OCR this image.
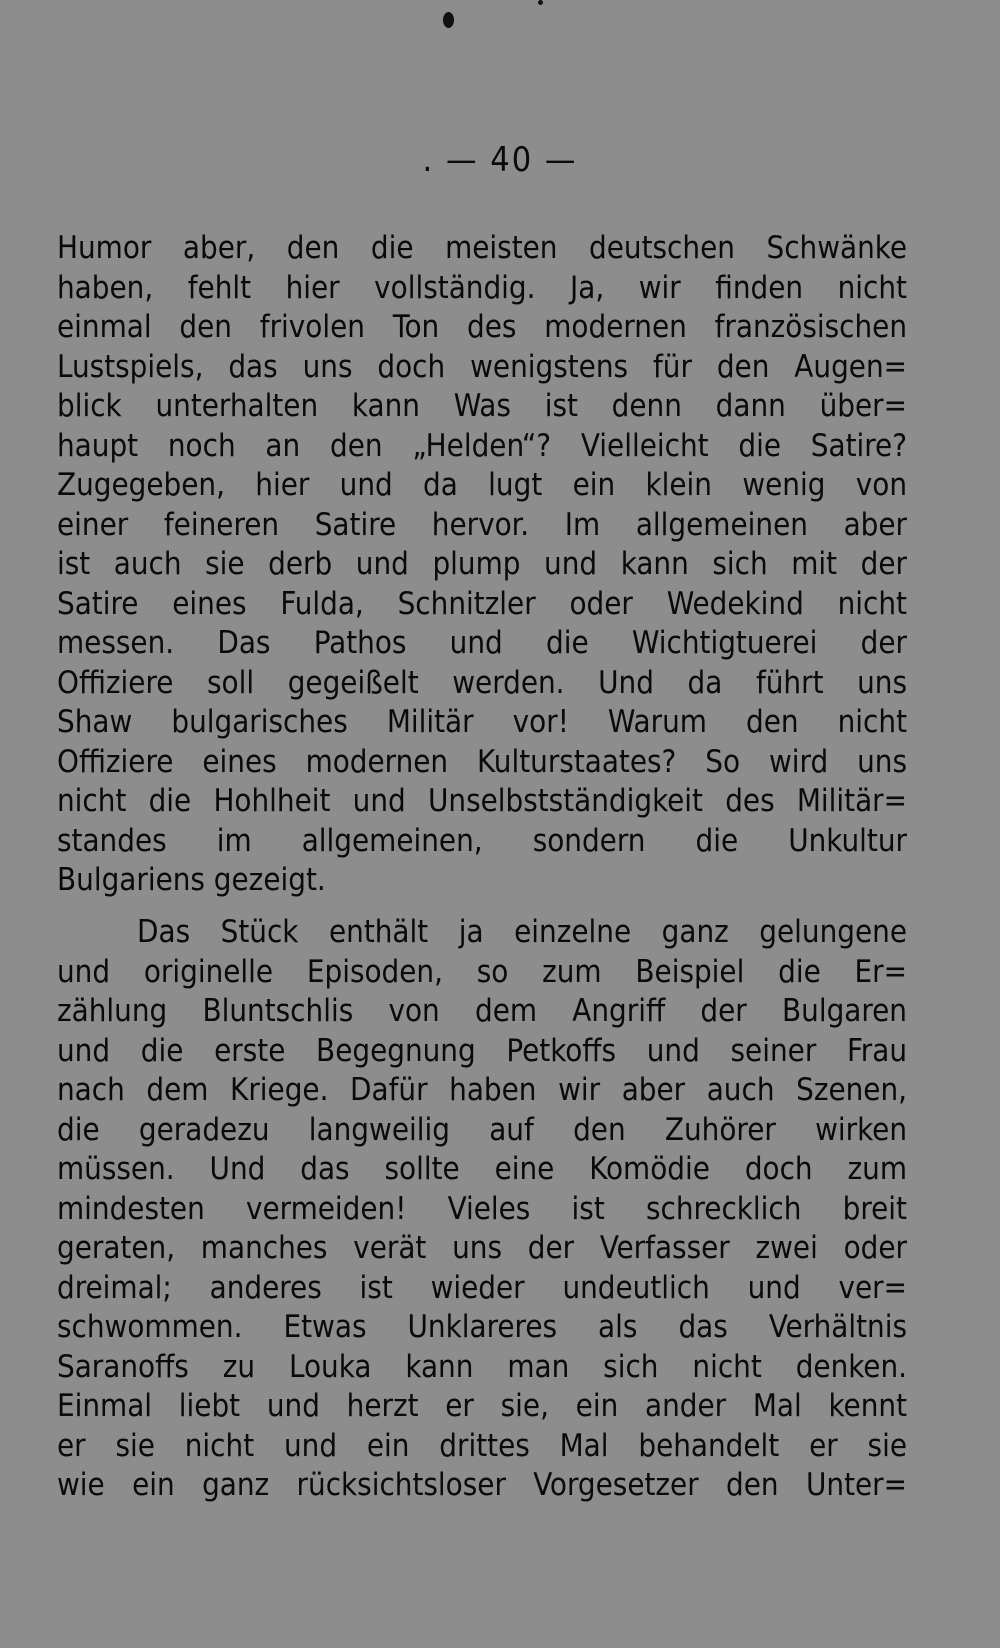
. — 40 —
Humor aber, den die meisten deutschen Schwänke
haben, fehlt hier vollständig. Ja, wir finden nicht
einmal den frivolen Ton des modernen französischen
Lustspiels, das uns doch wenigstens für den Augen=
blick unterhalten kann Was ist denn dann über=
haupt noch an den „Helden“? Vielleicht die Satire?
Zugegeben, hier und da lugt ein klein wenig von
einer feineren Satire hervor. Im allgemeinen aber
ist auch sie derb und plump und kann sich mit der
Satire eines Fulda, Schnitzler oder Wedekind nicht
messen. Das Pathos und die Wichtigtuerei der
Offiziere soll gegeißelt werden. Und da führt uns
Shaw bulgarisches Militär vor! Warum den nicht
Offiziere eines modernen Kulturstaates? So wird uns
nicht die Hohlheit und Unselbstständigkeit des Militär=
standes im allgemeinen, sondern die Unkultur
Bulgariens gezeigt.
Das Stück enthält ja einzelne ganz gelungene
und originelle Episoden, so zum Beispiel die Er=
zählung Bluntschlis von dem Angriff der Bulgaren
und die erste Begegnung Petkoffs und seiner Frau
nach dem Kriege. Dafür haben wir aber auch Szenen,
die geradezu langweilig auf den Zuhörer wirken
müssen. Und das sollte eine Komödie doch zum
mindesten vermeiden! Vieles ist schrecklich breit
geraten, manches verät uns der Verfasser zwei oder
dreimal; anderes ist wieder undeutlich und ver=
schwommen. Etwas Unklareres als das Verhältnis
Saranoffs zu Louka kann man sich nicht denken.
Einmal liebt und herzt er sie, ein ander Mal kennt
er sie nicht und ein drittes Mal behandelt er sie
wie ein ganz rücksichtsloser Vorgesetzer den Unter=
